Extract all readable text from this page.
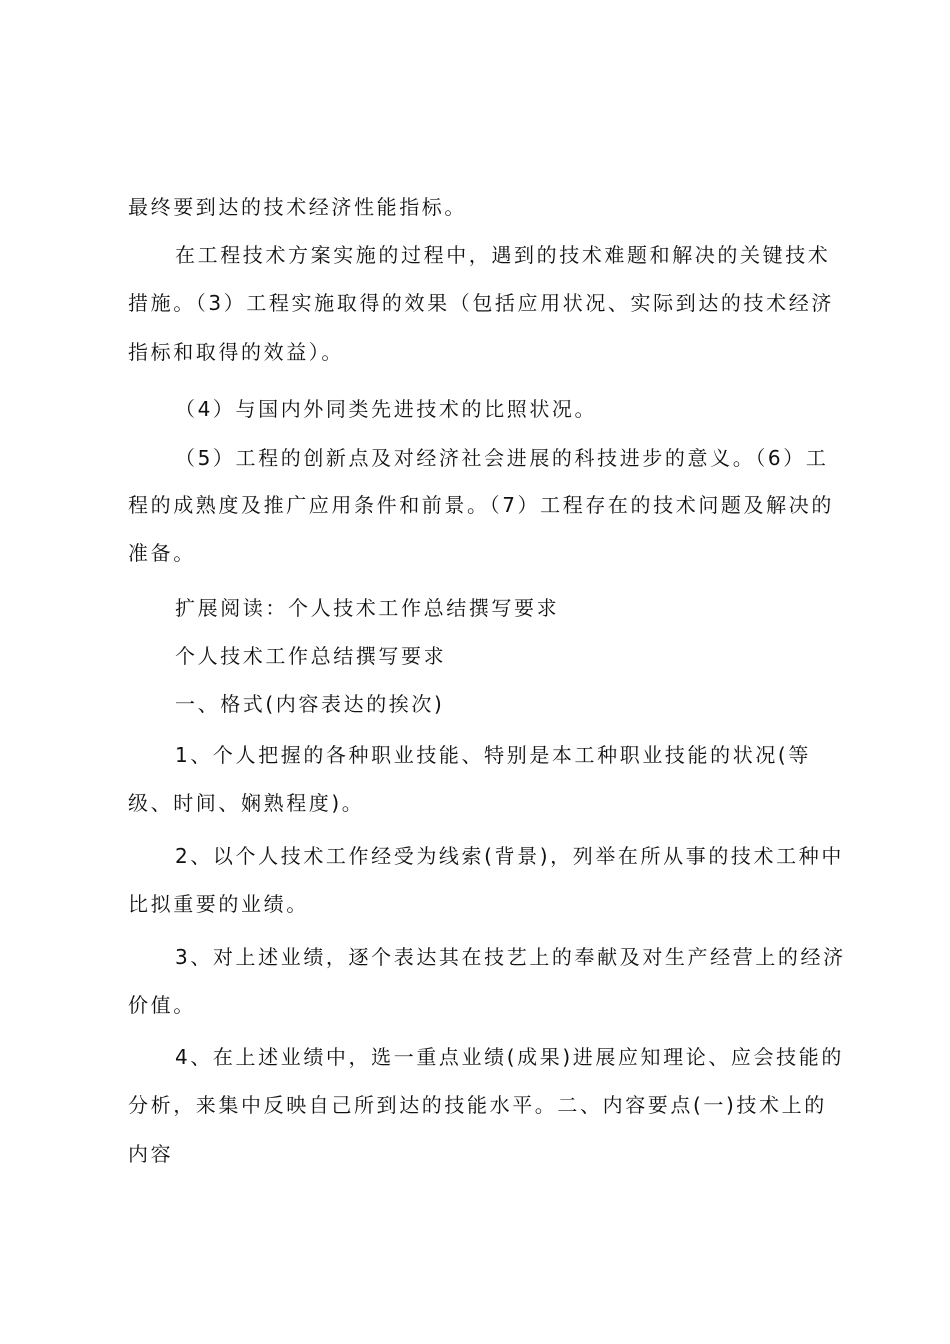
最终要到达的技术经济性能指标。

在工程技术方案实施的过程中，遇到的技术难题和解决的关键技术

措施。（3）工程实施取得的效果（包括应用状况、实际到达的技术经济

指标和取得的效益）。

（4）与国内外同类先进技术的比照状况。

（5）工程的创新点及对经济社会进展的科技进步的意义。（6）工

程的成熟度及推广应用条件和前景。（7）工程存在的技术问题及解决的

准备。

扩展阅读：个人技术工作总结撰写要求

个人技术工作总结撰写要求

一、格式(内容表达的挨次)

1、个人把握的各种职业技能、特别是本工种职业技能的状况(等

级、时间、娴熟程度)。

2、以个人技术工作经受为线索(背景)，列举在所从事的技术工种中

比拟重要的业绩。

3、对上述业绩，逐个表达其在技艺上的奉献及对生产经营上的经济

价值。

4、在上述业绩中，选一重点业绩(成果)进展应知理论、应会技能的

分析，来集中反映自己所到达的技能水平。二、内容要点(一)技术上的

内容
